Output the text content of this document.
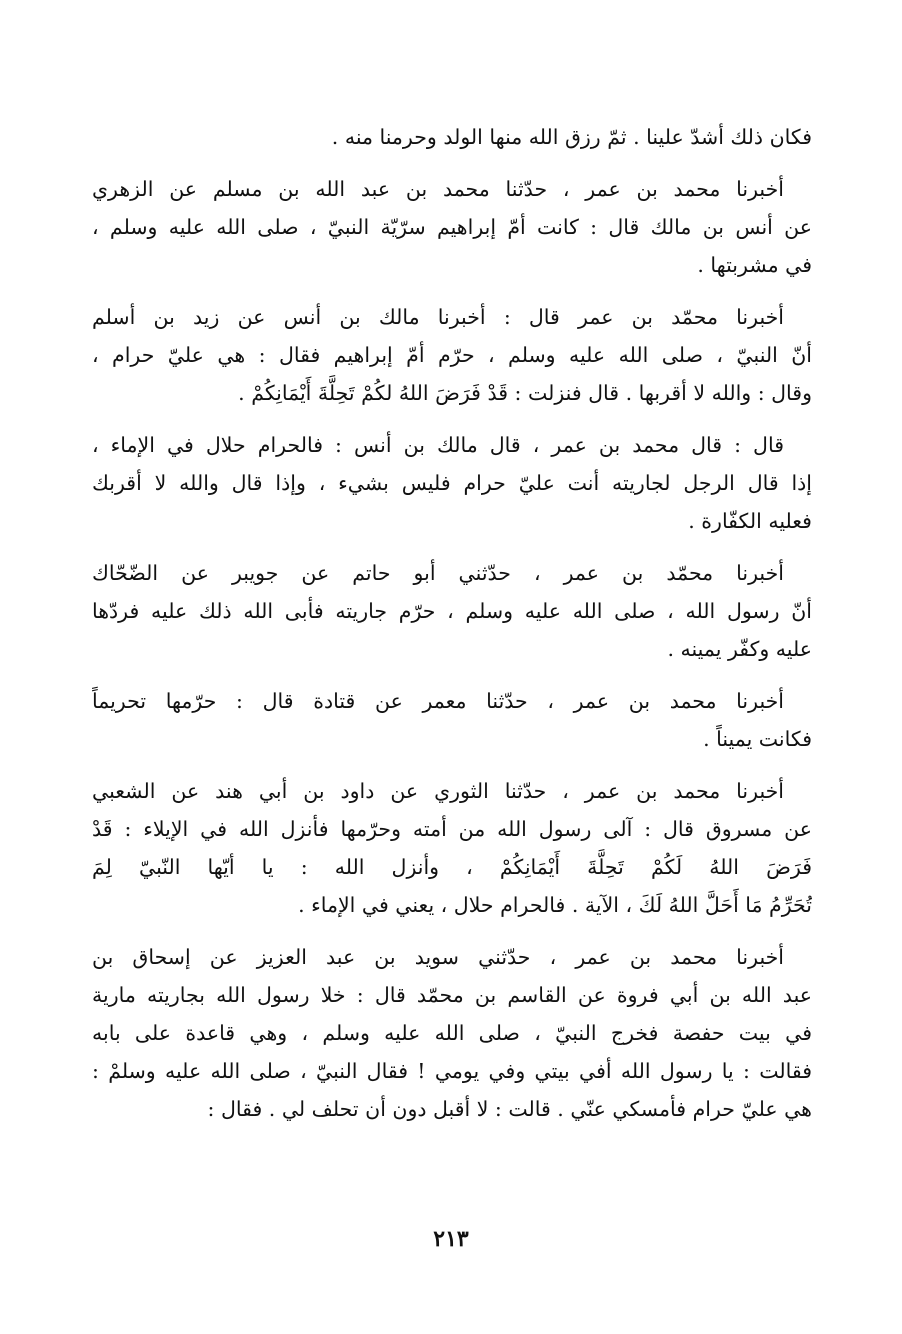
فكان ذلك أشدّ علينا . ثمّ رزق الله منها الولد وحرمنا منه .
أخبرنا محمد بن عمر ، حدّثنا محمد بن عبد الله بن مسلم عن الزهري
عن أنس بن مالك قال : كانت أمّ إبراهيم سرّيّة النبيّ ، صلى الله عليه وسلم ،
في مشربتها .
أخبرنا محمّد بن عمر قال : أخبرنا مالك بن أنس عن زيد بن أسلم
أنّ النبيّ ، صلى الله عليه وسلم ، حرّم أمّ إبراهيم فقال : هي عليّ حرام ،
وقال : والله لا أقربها . قال فنزلت : قَدْ فَرَضَ اللهُ لكُمْ تَحِلَّةَ أَيْمَانِكُمْ .
قال : قال محمد بن عمر ، قال مالك بن أنس : فالحرام حلال في الإماء ،
إذا قال الرجل لجاريته أنت عليّ حرام فليس بشيء ، وإذا قال والله لا أقربك
فعليه الكفّارة .
أخبرنا محمّد بن عمر ، حدّثني أبو حاتم عن جويبر عن الضّحّاك
أنّ رسول الله ، صلى الله عليه وسلم ، حرّم جاريته فأبى الله ذلك عليه فردّها
عليه وكفّر يمينه .
أخبرنا محمد بن عمر ، حدّثنا معمر عن قتادة قال : حرّمها تحريماً
فكانت يميناً .
أخبرنا محمد بن عمر ، حدّثنا الثوري عن داود بن أبي هند عن الشعبي
عن مسروق قال : آلى رسول الله من أمته وحرّمها فأنزل الله في الإيلاء : قَدْ
فَرَضَ اللهُ لَكُمْ تَحِلَّةَ أَيْمَانِكُمْ ، وأنزل الله : يا أيّها النّبيّ لِمَ
تُحَرِّمُ مَا أَحَلَّ اللهُ لَكَ ، الآية . فالحرام حلال ، يعني في الإماء .
أخبرنا محمد بن عمر ، حدّثني سويد بن عبد العزيز عن إسحاق بن
عبد الله بن أبي فروة عن القاسم بن محمّد قال : خلا رسول الله بجاريته مارية
في بيت حفصة فخرج النبيّ ، صلى الله عليه وسلم ، وهي قاعدة على بابه
فقالت : يا رسول الله أفي بيتي وفي يومي ! فقال النبيّ ، صلى الله عليه وسلمْ :
هي عليّ حرام فأمسكي عنّي . قالت : لا أقبل دون أن تحلف لي . فقال :
٢١٣
